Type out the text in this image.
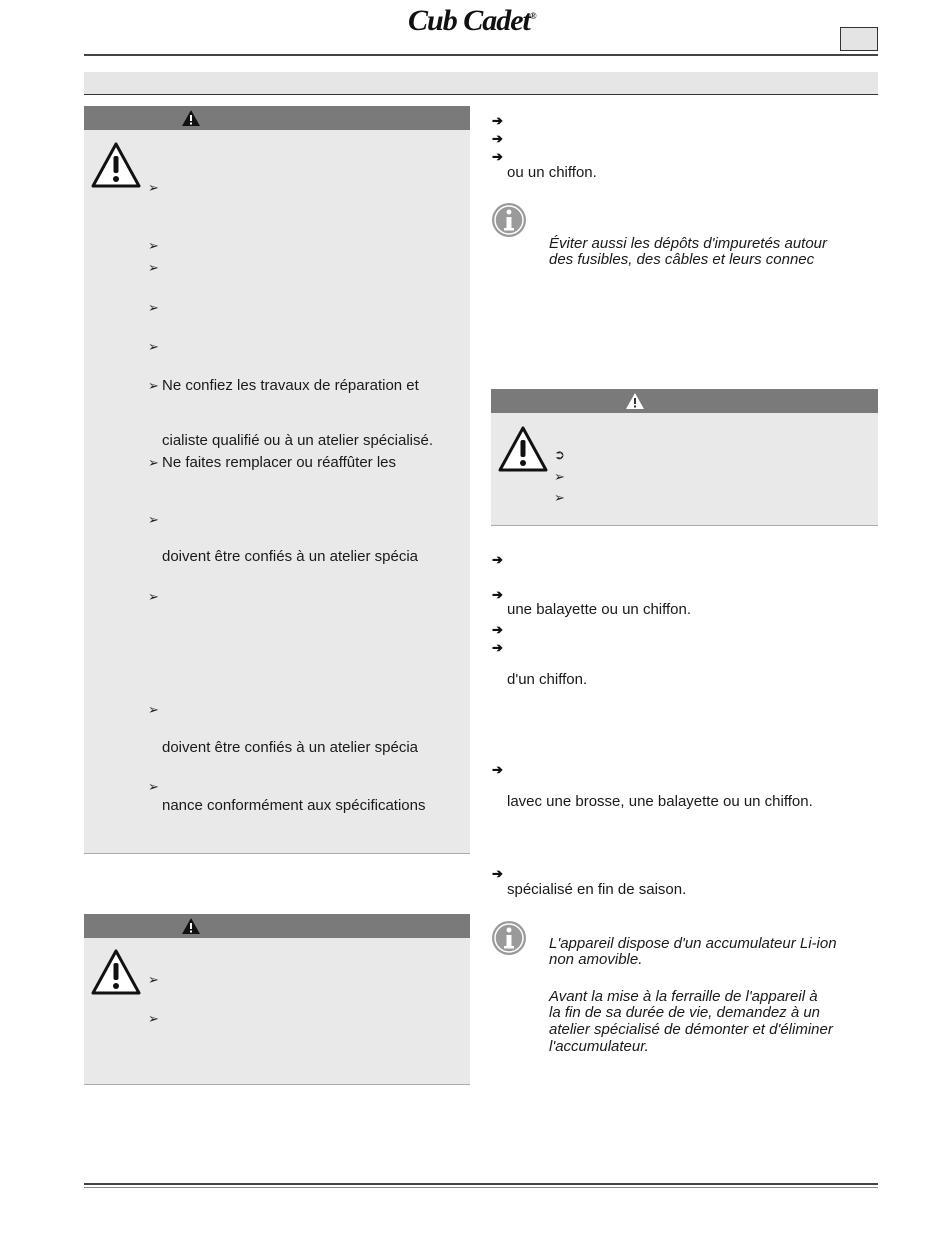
Cub Cadet®
➢
➢
➢
➢
➢
➢ Ne confiez les travaux de réparation et
cialiste qualifié ou à un atelier spécialisé.
➢ Ne faites remplacer ou réaffûter les
➢
doivent être confiés à un atelier spécia
➢
➢
doivent être confiés à un atelier spécia
➢
nance conformément aux spécifications
➢
➢
➔
➔
➔
ou un chiffon.
Éviter aussi les dépôts d'impuretés autour
des fusibles, des câbles et leurs connec
➲
➢
➢
➔
➔
une balayette ou un chiffon.
➔
➔
d'un chiffon.
➔
lavec une brosse, une balayette ou un chiffon.
➔
spécialisé en fin de saison.
L'appareil dispose d'un accumulateur Li-ion
non amovible.
Avant la mise à la ferraille de l'appareil à
la fin de sa durée de vie, demandez à un
atelier spécialisé de démonter et d'éliminer
l'accumulateur.
